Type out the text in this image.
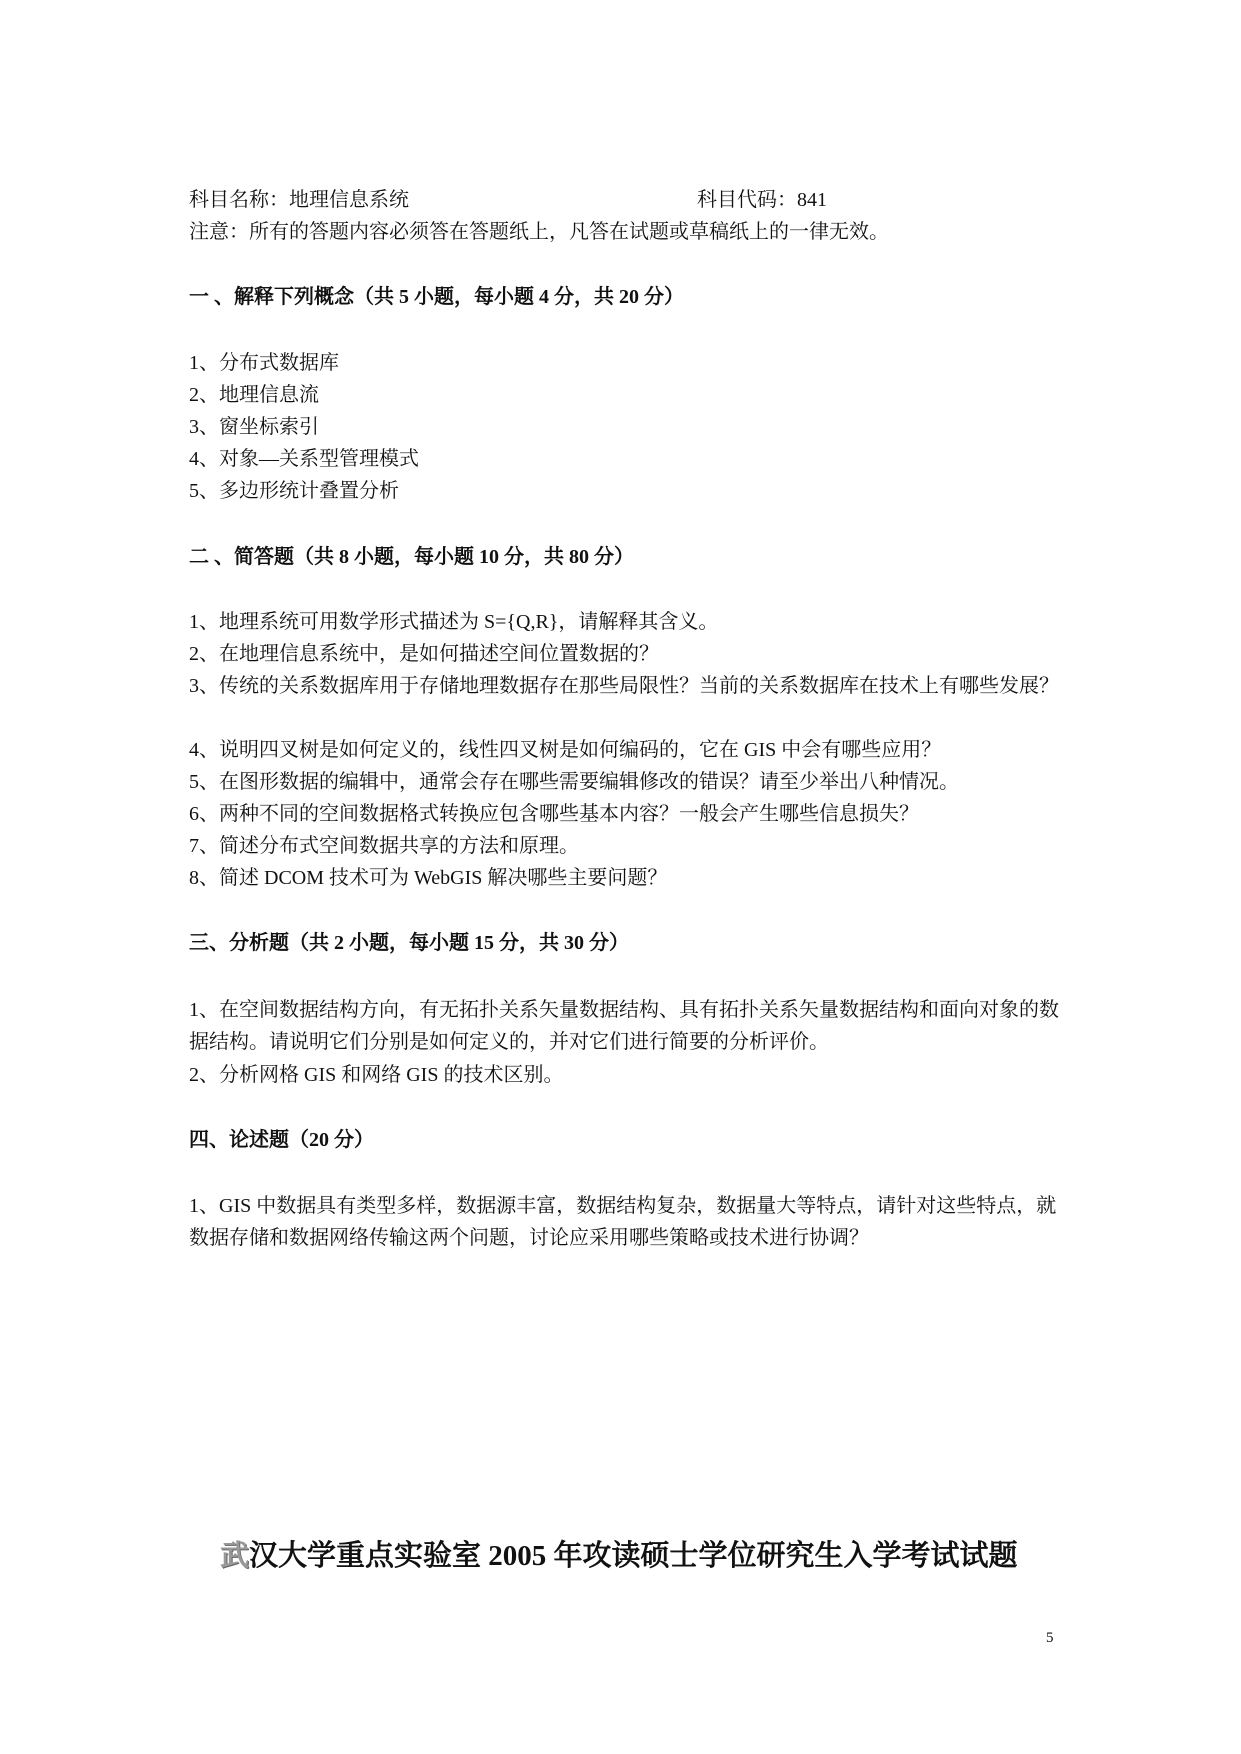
科目名称：地理信息系统	科目代码：841
注意：所有的答题内容必须答在答题纸上，凡答在试题或草稿纸上的一律无效。
一 、解释下列概念（共 5 小题，每小题 4 分，共 20 分）
1、分布式数据库
2、地理信息流
3、窗坐标索引
4、对象—关系型管理模式
5、多边形统计叠置分析
二 、简答题（共 8 小题，每小题 10 分，共 80 分）
1、地理系统可用数学形式描述为 S={Q,R}，请解释其含义。
2、在地理信息系统中，是如何描述空间位置数据的？
3、传统的关系数据库用于存储地理数据存在那些局限性？当前的关系数据库在技术上有哪些发展？
4、说明四叉树是如何定义的，线性四叉树是如何编码的，它在 GIS 中会有哪些应用？
5、在图形数据的编辑中，通常会存在哪些需要编辑修改的错误？请至少举出八种情况。
6、两种不同的空间数据格式转换应包含哪些基本内容？一般会产生哪些信息损失？
7、简述分布式空间数据共享的方法和原理。
8、简述 DCOM 技术可为 WebGIS 解决哪些主要问题？
三、分析题（共 2 小题，每小题 15 分，共 30 分）
1、在空间数据结构方向，有无拓扑关系矢量数据结构、具有拓扑关系矢量数据结构和面向对象的数据结构。请说明它们分别是如何定义的，并对它们进行简要的分析评价。
2、分析网格 GIS 和网络 GIS 的技术区别。
四、论述题（20 分）
1、GIS 中数据具有类型多样，数据源丰富，数据结构复杂，数据量大等特点，请针对这些特点，就数据存储和数据网络传输这两个问题，讨论应采用哪些策略或技术进行协调？
武汉大学重点实验室 2005 年攻读硕士学位研究生入学考试试题
5
